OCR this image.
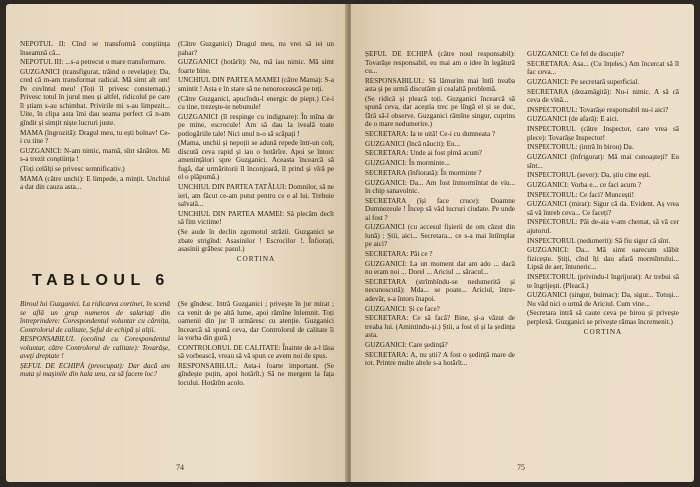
NEPOTUL II: Cînd se transformă conștiința înseamnă că...

NEPOTUL III: ...s-a petrecut o mare transformare.

GUZGANICI (transfigurat, trăind o revelație): Da, cred că m-am transformat radical. Mă simt alt om! Pe cuvîntul meu! (Toți îl privesc consternați.) Privesc totul în jurul meu și altfel, ridicolul pe care îl știam s-au schimbat. Privirile mi s-au limpezit... Uite, în clipa asta îmi dau seama perfect că n-am gîndit și simțit niște lucruri juste.

MAMA (îngrozită): Dragul meu, tu ești bolnav! Ce-i cu tine ?

GUZGANICI: N-am nimic, mamă, sînt sănătos. Mi s-a trezit conștiința !

(Toți celălți se privesc semnificativ.)

MAMA (către unchi): E limpede, a mințit. Unchiul a dat din cauza asta...

(Către Guzganici) Dragul meu, nu vrei să iei un pahar?

GUZGANICI (hotărît): Nu, mă iau nimic. Mă simt foarte bine.

UNCHIUL DIN PARTEA MAMEI (către Mama): S-a smintit ! Asta e în stare să ne nenorocească pe toți.

(Către Guzganici, apucîndu-l energic de piept.) Ce-i cu tine, trezește-te nebunule!

GUZGANICI (îl respinge cu indignare): În mîna de pe mine, escrocule! Am să dau la iveală toate potlogăriile tale! Nici unul n-o să scăpați !

(Mama, unchii și nepoții se adună repede într-un colț, discută ceva rapid și iau o hotărîre. Apoi se întorc amenințători spre Guzganici. Aceasta încearcă să fugă, dar urmăritorii îl înconjoară, îl prind și vîră pe el o plăpumă.)

UNCHIUL DIN PARTEA TATĂLUI: Domnilor, să ne ieri, am făcut ce-am putut pentru ce e al lui. Trebuie salvată...

UNCHIUL DIN PARTEA MAMEI: Să plecăm decît să fim victime!

(Se aude în declin zgomotul străzii. Guzganici se zbate strigînd: Asasinilor ! Escrocilor !. Înfiorați, asasinii grăbesc pasul.)

CORTINA

TABLOUL 6

Biroul lui Guzganici. La ridicarea cortinei, în scenă se află un grup numeros de salariați din întreprindere: Corespondentul voluntar cu cărnița, Controlorul de calitate, Șeful de echipă și alții.

RESPONSABILUL (ocolind cu Corespondentul voluntar, către Controlorul de calitate): Tovarășe, aveți dreptate !

ȘEFUL DE ECHIPĂ (preocupat): Dar dacă am muta și mașinile din hala unu, ca să facem loc?

(Se gîndesc. Intră Guzganici ; privește în jur mirat ; ca venit de pe altă lume, apoi rămîne înlemnit. Toți oamenii din jur îl urmăresc cu atenție. Guzganici încearcă să spună ceva, dar Controlorul de calitate îi ia vorba din gură.)

CONTROLORUL DE CALITATE: Înainte de a-l lăsa să vorbească, vreau să vă spun ce avem noi de spus.

RESPONSABILUL: Asta-i foarte important. (Se gîndește puțin, apoi hotărît.) Să ne mergem la fața locului. Hotărîm acolo.

74

ȘEFUL DE ECHIPĂ (către noul responsabil): Tovarășe responsabil, eu mai am o idee în legătură cu...

RESPONSABILUL: Să lămurim mai întîi treaba asta și pe urmă discutăm și cealaltă problemă.

(Se ridică și pleacă toți. Guzganici încearcă să spună ceva, dar aceștia trec pe lîngă el și se duc, fără să-l observe. Guzganici rămîne singur, cuprins de o mare nedumerire.)

SECRETARA: Ia te uită! Ce-i cu dumneata ?

GUZGANICI (încă năucit): Eu...

SECRETARA: Unde ai fost plmă acum?

GUZGANICI: În morminte...

SECRETARA (înfiorată): În morminte ?

GUZGANICI: Da... Am fost înmormîntat de viu... în chip sanavolnic.

SECRETARA (își face cruce): Doamne Dumnezeule ! Încep să văd lucruri ciudate. Pe unde ai fost ?

GUZGANICI (cu accesul fișierii de om căzut din lună) : Știi, aici... Secretara... ce s-a mai întîmplat pe aici?

SECRETARA: Păi ce ?

GUZGANICI: La un moment dat am ado ... dacă nu eram noi ... Dorel ... Ariciul ... săracul...

SECRETARA (strîmbîndu-se nedumerită și necunoscută): Mda... se poate... Ariciul, între-adevăr, s-a întors înapoi.

GUZGANICI: Și ce face?

SECRETARA: Ce să facă? Bine, și-a văzut de treaba lui. (Amintindu-și.) Știi, a fost el și la ședința asta.

GUZGANICI: Care ședință?

SECRETARA: A, nu știi? A fost o ședință mare de tot. Printre multe altele s-a hotărît...

GUZGANICI: Ce fel de discuție?

SECRETARA: Asa... (Cu înțeles.) Am încercat să îl fac ceva...

GUZGANICI: Pe secretară superficial.

SECRETARA (dezamăgită): Nu-i nimic. A să că ceva de vină...

INSPECTORUL: Tovarășe responsabil nu-i aici?

GUZGANICI (de afară): E aici.

INSPECTORUL (către Inspector, care vrea să plece): Tovarășe Inspector!

INSPECTORUL: (intră în birou) Da.

GUZGANICI (înfrigurat): Mă mai cunoașteți? Eu sînt...

INSPECTORUL (sever): Da, știu cine ești.

GUZGANICI: Vorba e... ce faci acum ?

INSPECTORUL: Ce faci? Muncești!

GUZGANICI (mirat): Sigur că da. Evident. Aș vrea să vă întreb ceva... Ce faceți?

INSPECTORUL: Păi de-aia v-am chemat, să vă cer ajutorul.

INSPECTORUL (nedumerit): Să fiu sigur că sînt.

GUZGANICI: Da... Mă simt oarecum slăbit fizicește. Știți, cînd îți dau afară mormîntului... Lipsă de aer, întuneric...

INSPECTORUL (privindu-l îngrijorat): Ar trebui să te îngrijești. (Pleacă.)

GUZGANICI (singur, buimac): Da, sigur... Totuși... Nu văd nici o urmă de Ariciul. Cum vine...

(Secretara intră să caute ceva pe birou și privește perplexă. Guzganici se privește rămas încremenit.)

CORTINA

75
